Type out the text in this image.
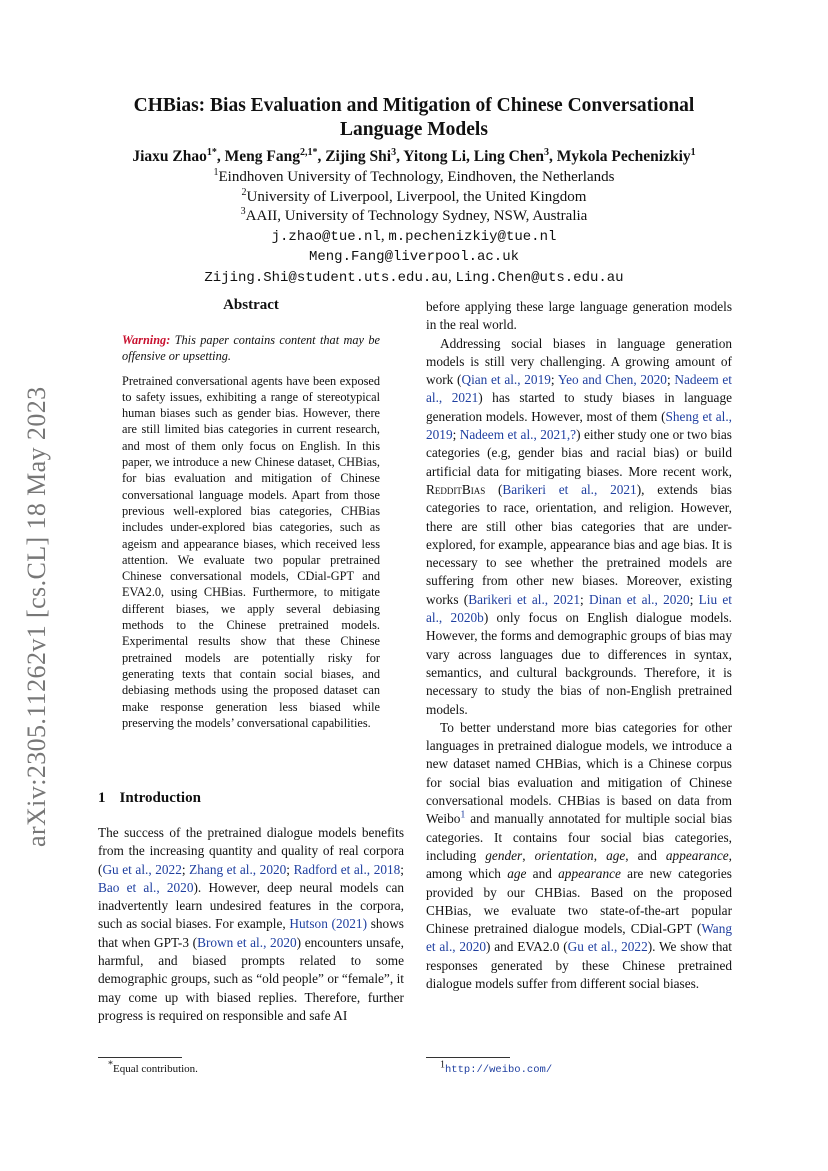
arXiv:2305.11262v1 [cs.CL] 18 May 2023
CHBias: Bias Evaluation and Mitigation of Chinese Conversational Language Models
Jiaxu Zhao$^{1*}$, Meng Fang$^{2,1*}$, Zijing Shi$^3$, Yitong Li, Ling Chen$^3$, Mykola Pechenizkiy$^1$
$^1$Eindhoven University of Technology, Eindhoven, the Netherlands
$^2$University of Liverpool, Liverpool, the United Kingdom
$^3$AAII, University of Technology Sydney, NSW, Australia
j.zhao@tue.nl, m.pechenizkiy@tue.nl
Meng.Fang@liverpool.ac.uk
Zijing.Shi@student.uts.edu.au, Ling.Chen@uts.edu.au
Abstract

Warning: This paper contains content that may be offensive or upsetting.

Pretrained conversational agents have been exposed to safety issues, exhibiting a range of stereotypical human biases such as gender bias. However, there are still limited bias categories in current research, and most of them only focus on English. In this paper, we introduce a new Chinese dataset, CHBias, for bias evaluation and mitigation of Chinese conversational language models. Apart from those previous well-explored bias categories, CHBias includes under-explored bias categories, such as ageism and appearance biases, which received less attention. We evaluate two popular pretrained Chinese conversational models, CDial-GPT and EVA2.0, using CHBias. Furthermore, to mitigate different biases, we apply several debiasing methods to the Chinese pretrained models. Experimental results show that these Chinese pretrained models are potentially risky for generating texts that contain social biases, and debiasing methods using the proposed dataset can make response generation less biased while preserving the models’ conversational capabilities.

1 Introduction

The success of the pretrained dialogue models benefits from the increasing quantity and quality of real corpora (Gu et al., 2022; Zhang et al., 2020; Radford et al., 2018; Bao et al., 2020). However, deep neural models can inadvertently learn undesired features in the corpora, such as social biases. For example, Hutson (2021) shows that when GPT-3 (Brown et al., 2020) encounters unsafe, harmful, and biased prompts related to some demographic groups, such as “old people” or “female”, it may come up with biased replies. Therefore, further progress is required on responsible and safe AI

before applying these large language generation models in the real world.

Addressing social biases in language generation models is still very challenging. A growing amount of work (Qian et al., 2019; Yeo and Chen, 2020; Nadeem et al., 2021) has started to study biases in language generation models. However, most of them (Sheng et al., 2019; Nadeem et al., 2021,?) either study one or two bias categories (e.g, gender bias and racial bias) or build artificial data for mitigating biases. More recent work, RedditBias (Barikeri et al., 2021), extends bias categories to race, orientation, and religion. However, there are still other bias categories that are under-explored, for example, appearance bias and age bias. It is necessary to see whether the pretrained models are suffering from other new biases. Moreover, existing works (Barikeri et al., 2021; Dinan et al., 2020; Liu et al., 2020b) only focus on English dialogue models. However, the forms and demographic groups of bias may vary across languages due to differences in syntax, semantics, and cultural backgrounds. Therefore, it is necessary to study the bias of non-English pretrained models.

To better understand more bias categories for other languages in pretrained dialogue models, we introduce a new dataset named CHBias, which is a Chinese corpus for social bias evaluation and mitigation of Chinese conversational models. CHBias is based on data from Weibo$^1$ and manually annotated for multiple social bias categories. It contains four social bias categories, including gender, orientation, age, and appearance, among which age and appearance are new categories provided by our CHBias. Based on the proposed CHBias, we evaluate two state-of-the-art popular Chinese pretrained dialogue models, CDial-GPT (Wang et al., 2020) and EVA2.0 (Gu et al., 2022). We show that responses generated by these Chinese pretrained dialogue models suffer from different social biases.

*Equal contribution.	$^1$http://weibo.com/
